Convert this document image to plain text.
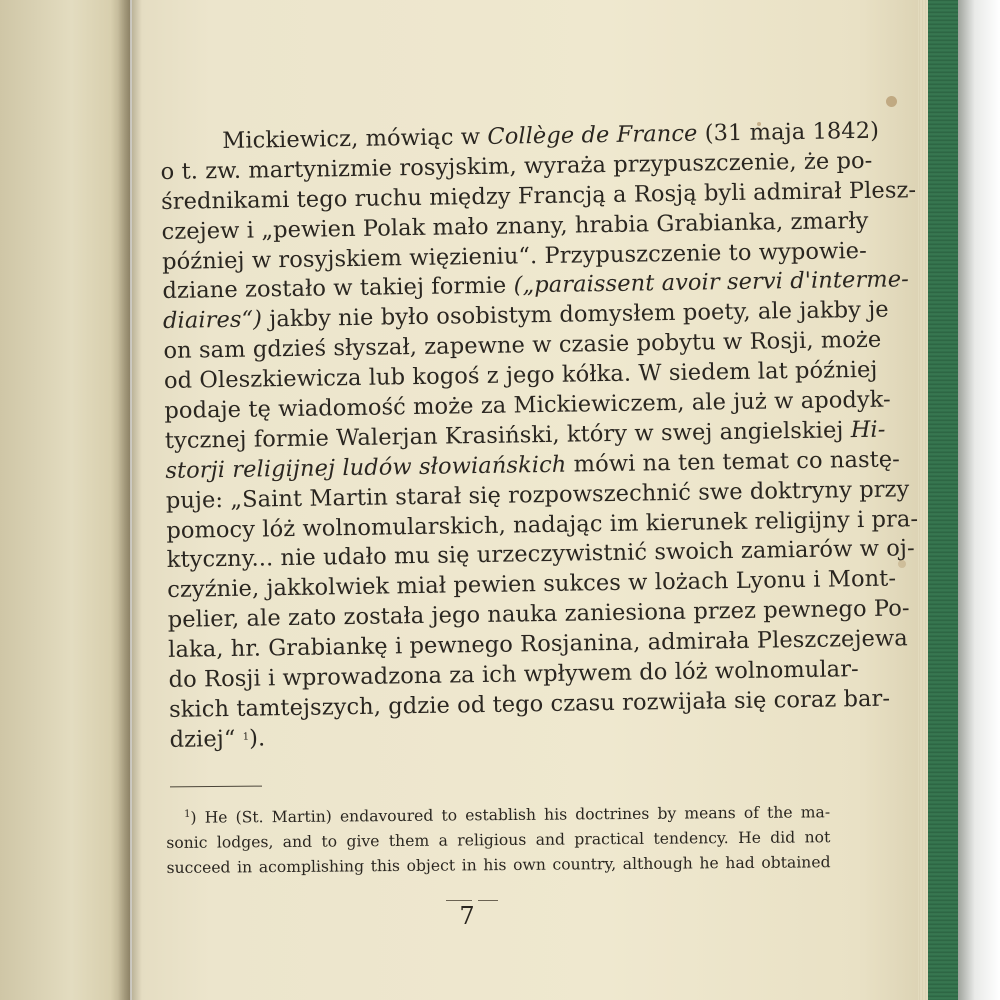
Mickiewicz, mówiąc w Collège de France (31 maja 1842)
o t. zw. martynizmie rosyjskim, wyraża przypuszczenie, że po-
średnikami tego ruchu między Francją a Rosją byli admirał Plesz-
czejew i „pewien Polak mało znany, hrabia Grabianka, zmarły
później w rosyjskiem więzieniu“. Przypuszczenie to wypowie-
dziane zostało w takiej formie („paraissent avoir servi d'interme-
diaires“) jakby nie było osobistym domysłem poety, ale jakby je
on sam gdzieś słyszał, zapewne w czasie pobytu w Rosji, może
od Oleszkiewicza lub kogoś z jego kółka. W siedem lat później
podaje tę wiadomość może za Mickiewiczem, ale już w apodyk-
tycznej formie Walerjan Krasiński, który w swej angielskiej Hi-
storji religijnej ludów słowiańskich mówi na ten temat co nastę-
puje: „Saint Martin starał się rozpowszechnić swe doktryny przy
pomocy lóż wolnomularskich, nadając im kierunek religijny i pra-
ktyczny... nie udało mu się urzeczywistnić swoich zamiarów w oj-
czyźnie, jakkolwiek miał pewien sukces w lożach Lyonu i Mont-
pelier, ale zato została jego nauka zaniesiona przez pewnego Po-
laka, hr. Grabiankę i pewnego Rosjanina, admirała Pleszczejewa
do Rosji i wprowadzona za ich wpływem do lóż wolnomular-
skich tamtejszych, gdzie od tego czasu rozwijała się coraz bar-
dziej“ $^1$).
$^1$) He (St. Martin) endavoured to establish his doctrines by means of the ma-
sonic lodges, and to give them a religious and practical tendency. He did not
succeed in acomplishing this object in his own country, although he had obtained
7
